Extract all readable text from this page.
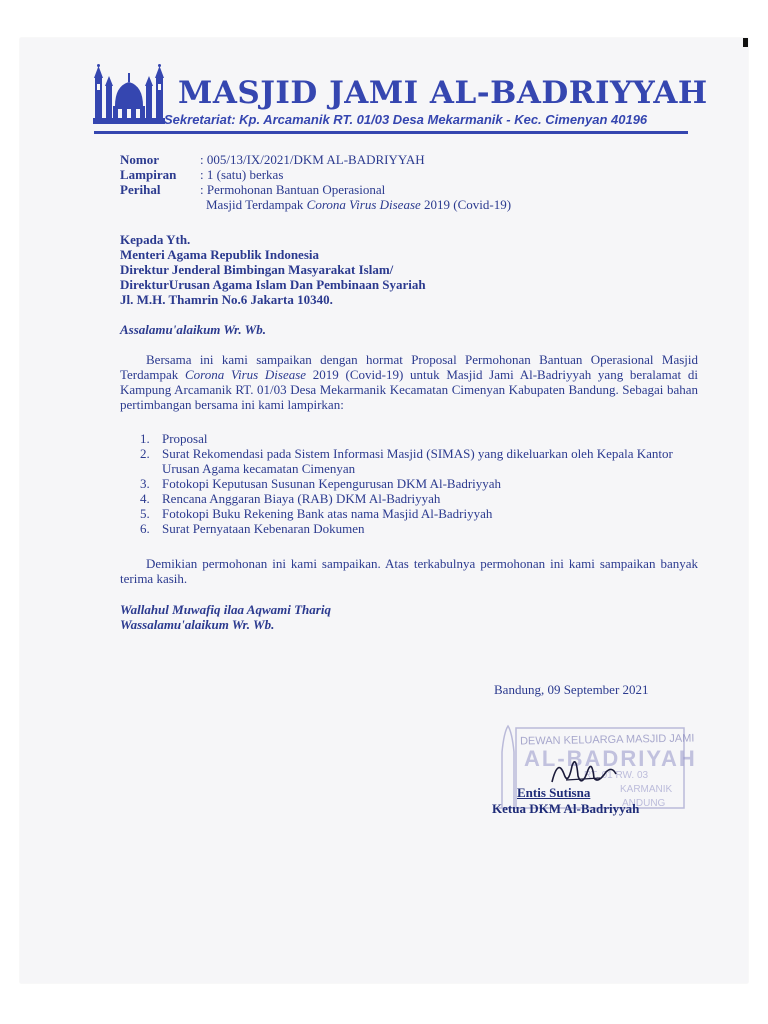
MASJID JAMI AL-BADRIYYAH
Sekretariat: Kp. Arcamanik RT. 01/03 Desa Mekarmanik - Kec. Cimenyan 40196
Nomor	: 005/13/IX/2021/DKM AL-BADRIYYAH
Lampiran	: 1 (satu) berkas
Perihal	: Permohonan Bantuan Operasional
Masjid Terdampak Corona Virus Disease 2019 (Covid-19)
Kepada Yth.
Menteri Agama Republik Indonesia
Direktur Jenderal Bimbingan Masyarakat Islam/
DirekturUrusan Agama Islam Dan Pembinaan Syariah
Jl. M.H. Thamrin No.6 Jakarta 10340.
Assalamu'alaikum Wr. Wb.
Bersama ini kami sampaikan dengan hormat Proposal Permohonan Bantuan Operasional Masjid Terdampak Corona Virus Disease 2019 (Covid-19) untuk Masjid Jami Al-Badriyyah yang beralamat di Kampung Arcamanik RT. 01/03 Desa Mekarmanik Kecamatan Cimenyan Kabupaten Bandung. Sebagai bahan pertimbangan bersama ini kami lampirkan:
1. Proposal
2. Surat Rekomendasi pada Sistem Informasi Masjid (SIMAS) yang dikeluarkan oleh Kepala Kantor Urusan Agama kecamatan Cimenyan
3. Fotokopi Keputusan Susunan Kepengurusan DKM Al-Badriyyah
4. Rencana Anggaran Biaya (RAB) DKM Al-Badriyyah
5. Fotokopi Buku Rekening Bank atas nama Masjid Al-Badriyyah
6. Surat Pernyataan Kebenaran Dokumen
Demikian permohonan ini kami sampaikan. Atas terkabulnya permohonan ini kami sampaikan banyak terima kasih.
Wallahul Muwafiq ilaa Aqwami Thariq
Wassalamu'alaikum Wr. Wb.
Bandung, 09 September 2021
DEWAN KELUARGA MASJID JAMI
AL-BADRIYAH
RT. 01 RW. 03
KARMANIK
ANDUNG
Entis Sutisna
Ketua DKM Al-Badriyyah
